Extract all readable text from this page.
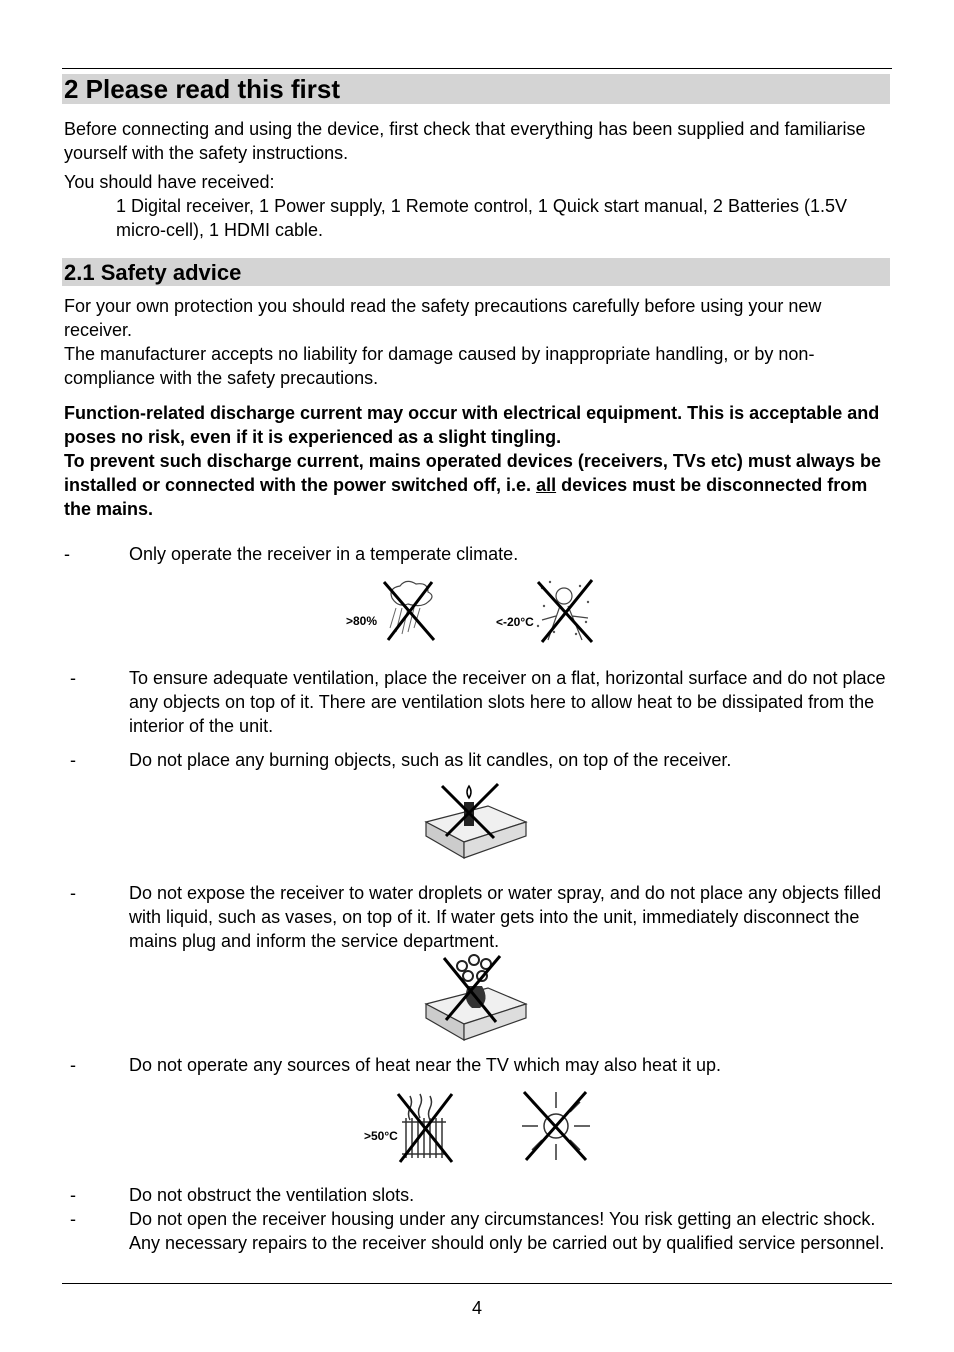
2 Please read this first

Before connecting and using the device, first check that everything has been supplied and familiarise yourself with the safety instructions.

You should have received:

1 Digital receiver, 1 Power supply, 1 Remote control, 1 Quick start manual, 2 Batteries (1.5V micro-cell), 1 HDMI cable.

2.1 Safety advice

For your own protection you should read the safety precautions carefully before using your new receiver.

The manufacturer accepts no liability for damage caused by inappropriate handling, or by non-compliance with the safety precautions.

Function-related discharge current may occur with electrical equipment. This is acceptable and poses no risk, even if it is experienced as a slight tingling.

To prevent such discharge current, mains operated devices (receivers, TVs etc) must always be installed or connected with the power switched off, i.e. all devices must be disconnected from the mains.

-	Only operate the receiver in a temperate climate.
>80%	<-20°C
-	To ensure adequate ventilation, place the receiver on a flat, horizontal surface and do not place any objects on top of it. There are ventilation slots here to allow heat to be dissipated from the interior of the unit.
-	Do not place any burning objects, such as lit candles, on top of the receiver.
-	Do not expose the receiver to water droplets or water spray, and do not place any objects filled with liquid, such as vases, on top of it. If water gets into the unit, immediately disconnect the mains plug and inform the service department.
-	Do not operate any sources of heat near the TV which may also heat it up.
>50°C
-	Do not obstruct the ventilation slots.
-	Do not open the receiver housing under any circumstances! You risk getting an electric shock. Any necessary repairs to the receiver should only be carried out by qualified service personnel.
4
